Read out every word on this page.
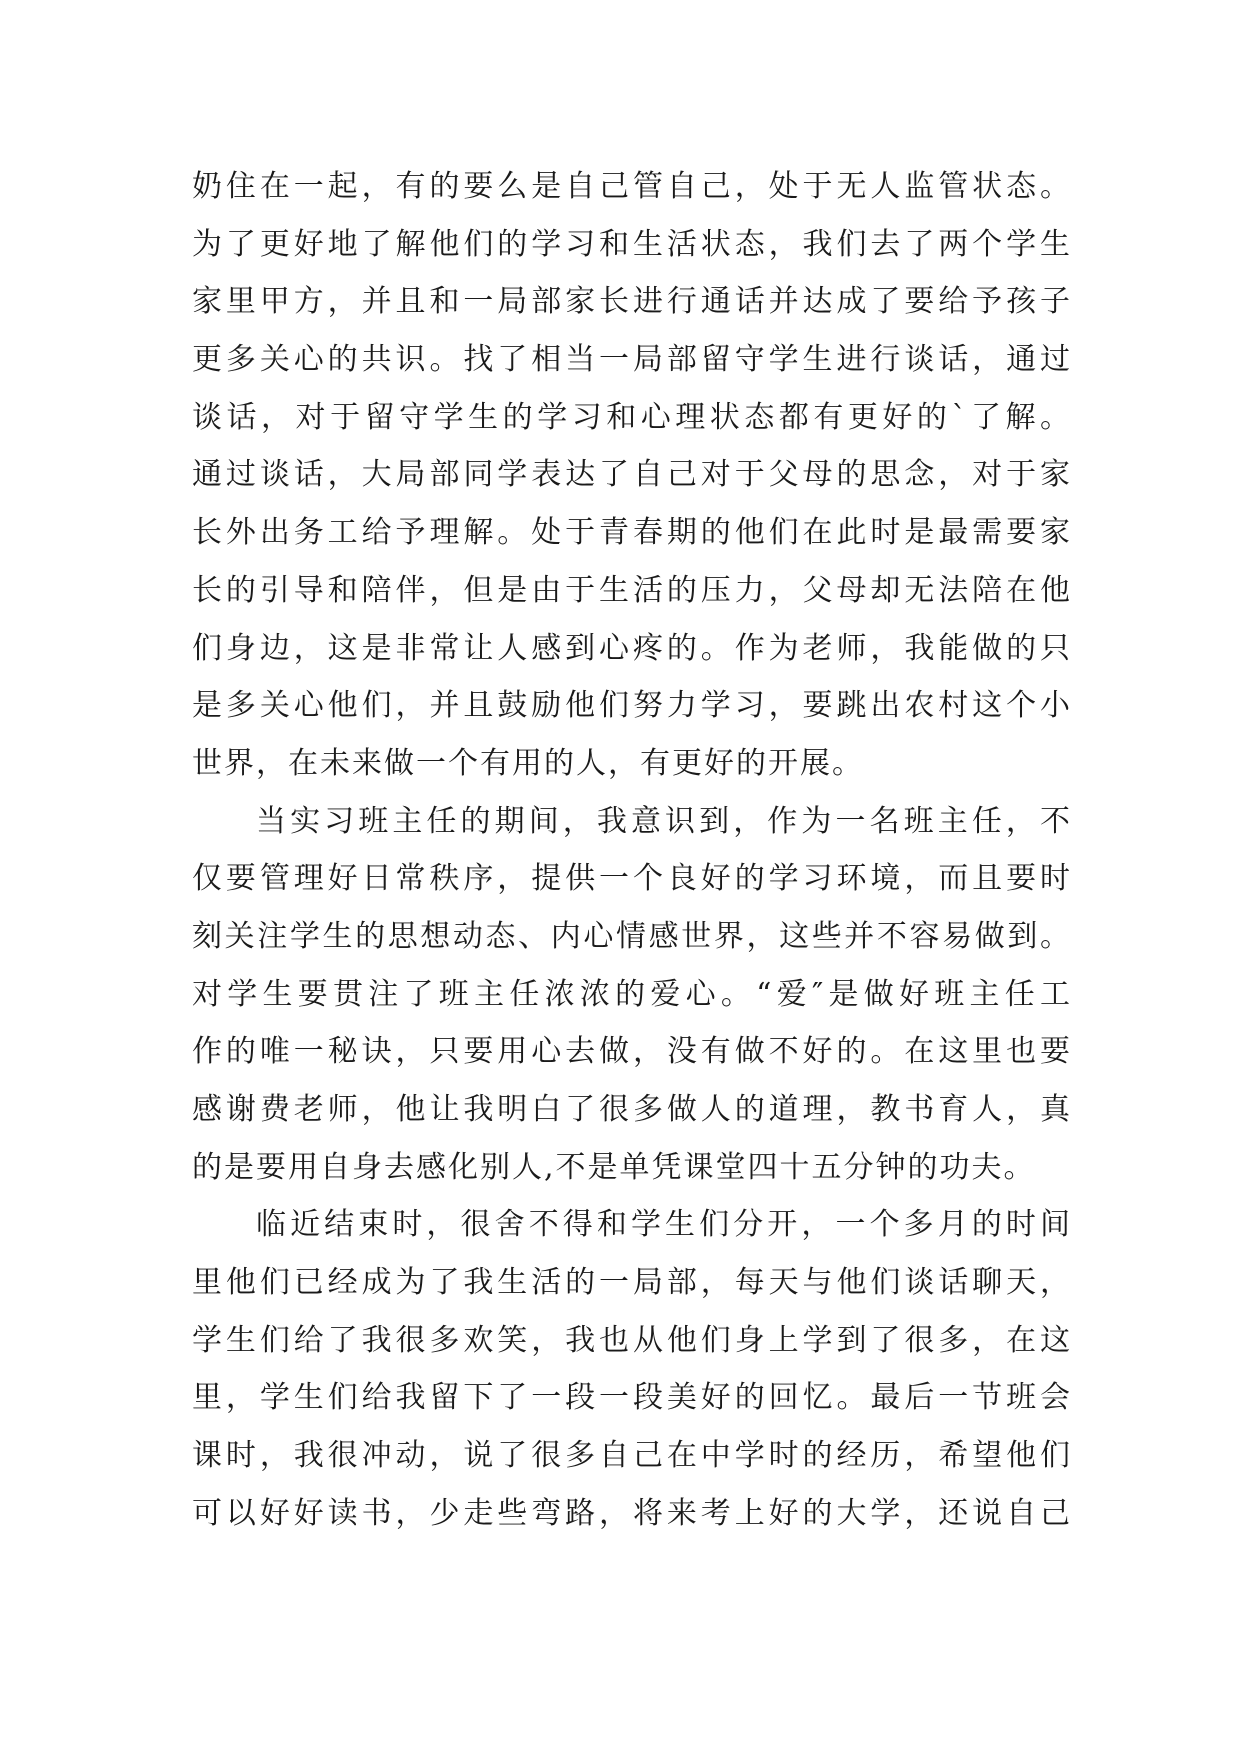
奶住在一起，有的要么是自己管自己，处于无人监管状态。
为了更好地了解他们的学习和生活状态，我们去了两个学生
家里甲方，并且和一局部家长进行通话并达成了要给予孩子
更多关心的共识。找了相当一局部留守学生进行谈话，通过
谈话，对于留守学生的学习和心理状态都有更好的`了解。
通过谈话，大局部同学表达了自己对于父母的思念，对于家
长外出务工给予理解。处于青春期的他们在此时是最需要家
长的引导和陪伴，但是由于生活的压力，父母却无法陪在他
们身边，这是非常让人感到心疼的。作为老师，我能做的只
是多关心他们，并且鼓励他们努力学习，要跳出农村这个小
世界，在未来做一个有用的人，有更好的开展。
当实习班主任的期间，我意识到，作为一名班主任，不
仅要管理好日常秩序，提供一个良好的学习环境，而且要时
刻关注学生的思想动态、内心情感世界，这些并不容易做到。
对学生要贯注了班主任浓浓的爱心。“爱″是做好班主任工
作的唯一秘诀，只要用心去做，没有做不好的。在这里也要
感谢费老师，他让我明白了很多做人的道理，教书育人，真
的是要用自身去感化别人,不是单凭课堂四十五分钟的功夫。
临近结束时，很舍不得和学生们分开，一个多月的时间
里他们已经成为了我生活的一局部，每天与他们谈话聊天，
学生们给了我很多欢笑，我也从他们身上学到了很多，在这
里，学生们给我留下了一段一段美好的回忆。最后一节班会
课时，我很冲动，说了很多自己在中学时的经历，希望他们
可以好好读书，少走些弯路，将来考上好的大学，还说自己
